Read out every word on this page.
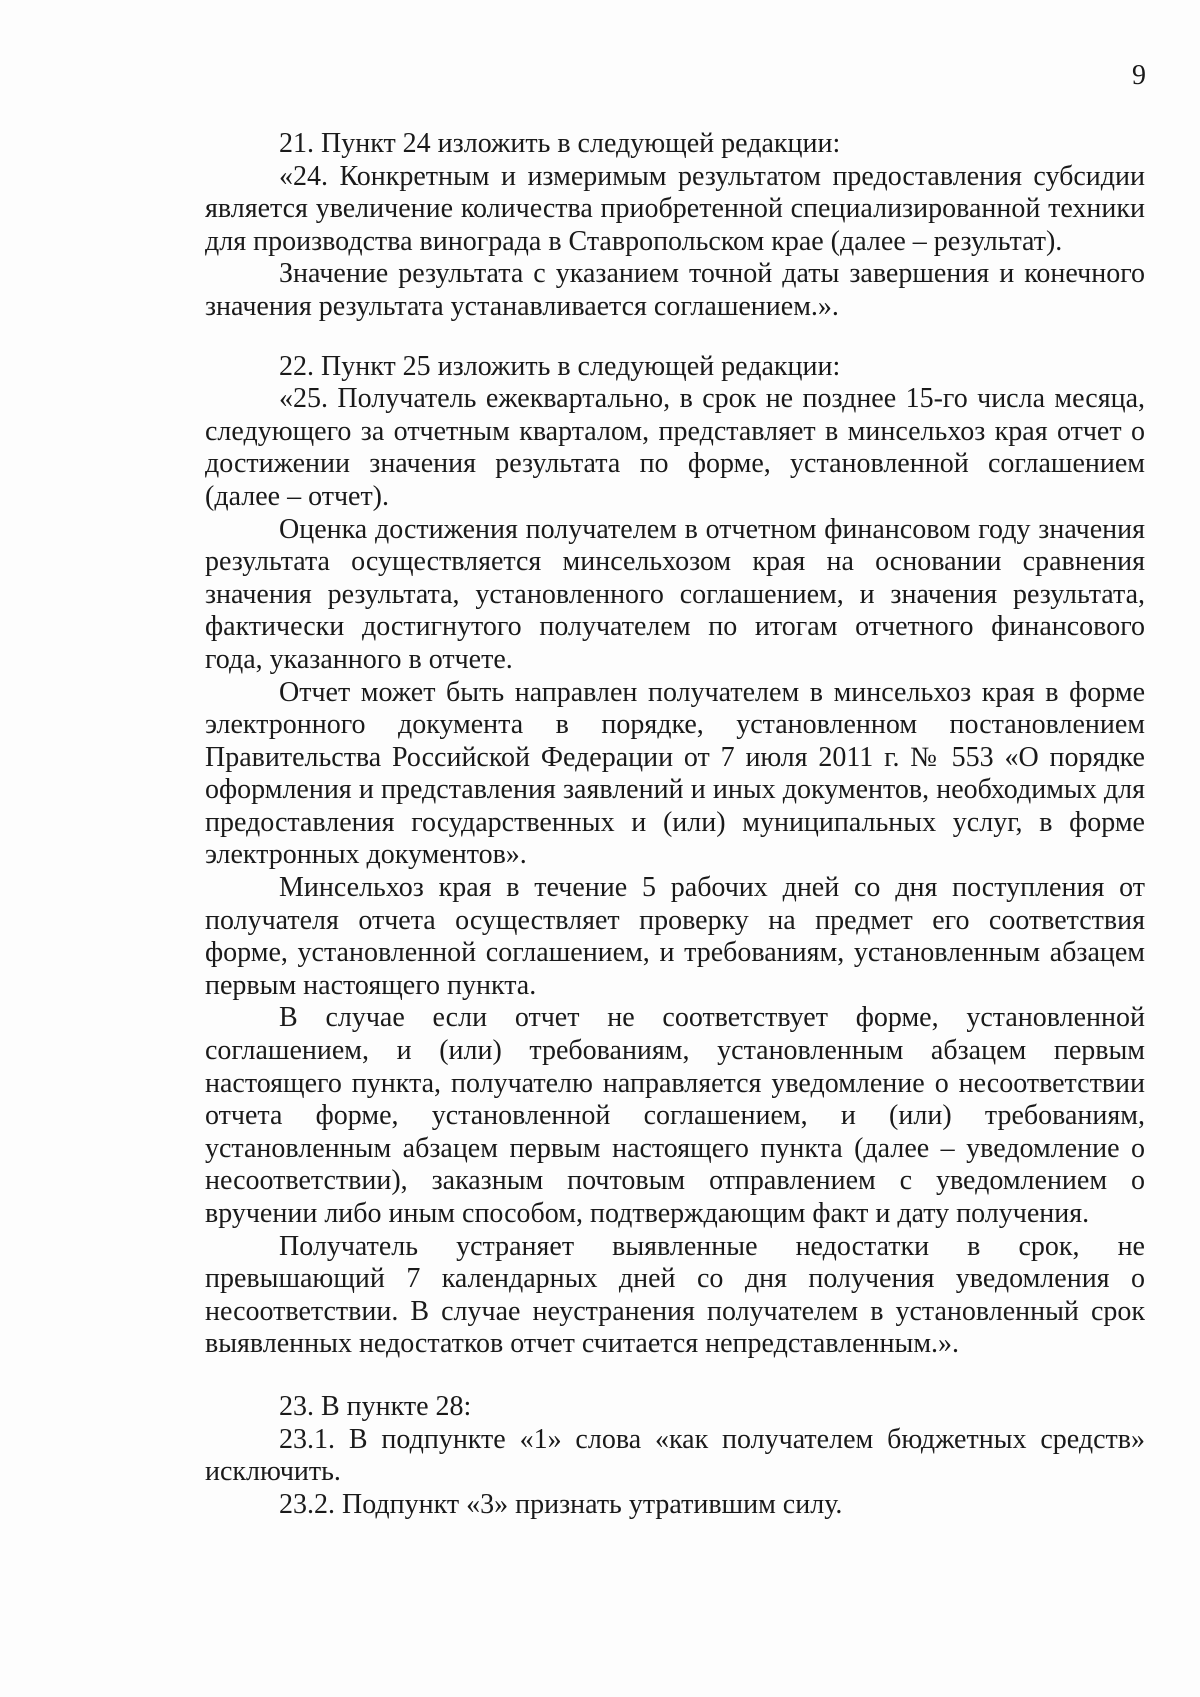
9

21. Пункт 24 изложить в следующей редакции:

«24. Конкретным и измеримым результатом предоставления субсидии является увеличение количества приобретенной специализированной техники для производства винограда в Ставропольском крае (далее – результат).

Значение результата с указанием точной даты завершения и конечного значения результата устанавливается соглашением.».

22. Пункт 25 изложить в следующей редакции:

«25. Получатель ежеквартально, в срок не позднее 15-го числа месяца, следующего за отчетным кварталом, представляет в минсельхоз края отчет о достижении значения результата по форме, установленной соглашением (далее – отчет).

Оценка достижения получателем в отчетном финансовом году значения результата осуществляется минсельхозом края на основании сравнения значения результата, установленного соглашением, и значения результата, фактически достигнутого получателем по итогам отчетного финансового года, указанного в отчете.

Отчет может быть направлен получателем в минсельхоз края в форме электронного документа в порядке, установленном постановлением Правительства Российской Федерации от 7 июля 2011 г. № 553 «О порядке оформления и представления заявлений и иных документов, необходимых для предоставления государственных и (или) муниципальных услуг, в форме электронных документов».

Минсельхоз края в течение 5 рабочих дней со дня поступления от получателя отчета осуществляет проверку на предмет его соответствия форме, установленной соглашением, и требованиям, установленным абзацем первым настоящего пункта.

В случае если отчет не соответствует форме, установленной соглашением, и (или) требованиям, установленным абзацем первым настоящего пункта, получателю направляется уведомление о несоответствии отчета форме, установленной соглашением, и (или) требованиям, установленным абзацем первым настоящего пункта (далее – уведомление о несоответствии), заказным почтовым отправлением с уведомлением о вручении либо иным способом, подтверждающим факт и дату получения.

Получатель устраняет выявленные недостатки в срок, не превышающий 7 календарных дней со дня получения уведомления о несоответствии. В случае неустранения получателем в установленный срок выявленных недостатков отчет считается непредставленным.».

23. В пункте 28:

23.1. В подпункте «1» слова «как получателем бюджетных средств» исключить.

23.2. Подпункт «3» признать утратившим силу.
